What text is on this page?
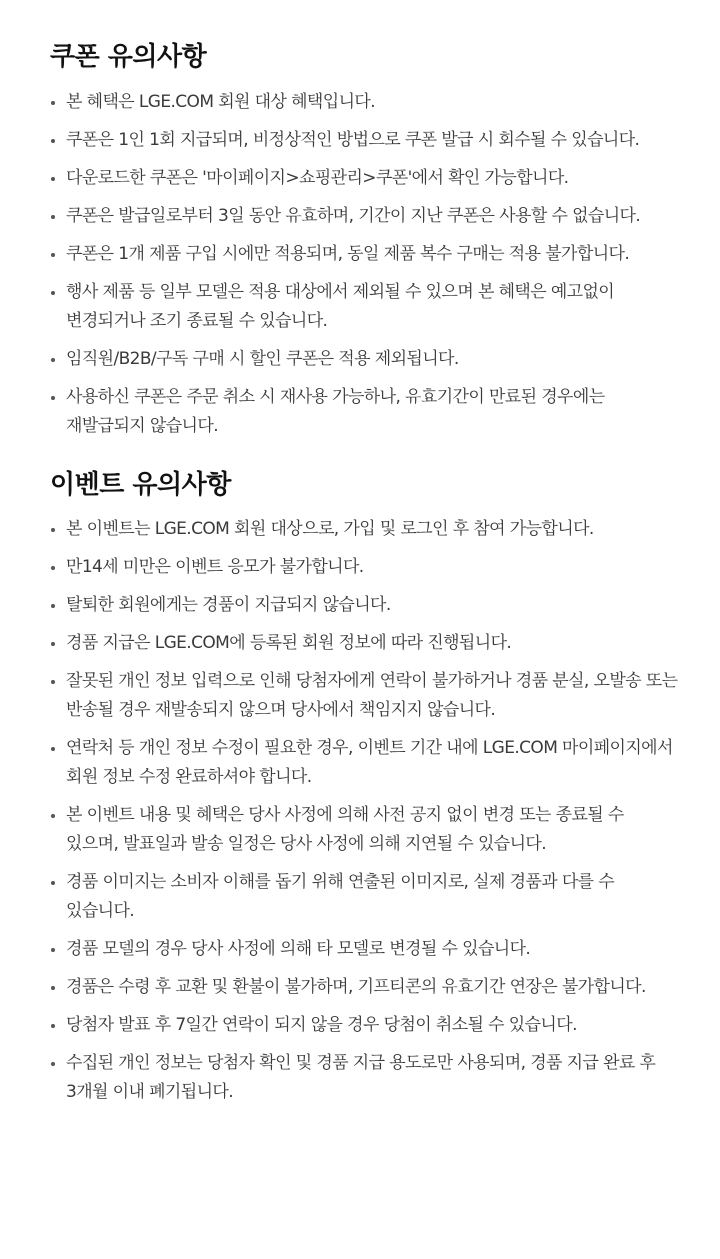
쿠폰 유의사항
본 혜택은 LGE.COM 회원 대상 혜택입니다.
쿠폰은 1인 1회 지급되며, 비정상적인 방법으로 쿠폰 발급 시 회수될 수 있습니다.
다운로드한 쿠폰은 '마이페이지>쇼핑관리>쿠폰'에서 확인 가능합니다.
쿠폰은 발급일로부터 3일 동안 유효하며, 기간이 지난 쿠폰은 사용할 수 없습니다.
쿠폰은 1개 제품 구입 시에만 적용되며, 동일 제품 복수 구매는 적용 불가합니다.
행사 제품 등 일부 모델은 적용 대상에서 제외될 수 있으며 본 혜택은 예고없이 변경되거나 조기 종료될 수 있습니다.
임직원/B2B/구독 구매 시 할인 쿠폰은 적용 제외됩니다.
사용하신 쿠폰은 주문 취소 시 재사용 가능하나, 유효기간이 만료된 경우에는 재발급되지 않습니다.
이벤트 유의사항
본 이벤트는 LGE.COM 회원 대상으로, 가입 및 로그인 후 참여 가능합니다.
만14세 미만은 이벤트 응모가 불가합니다.
탈퇴한 회원에게는 경품이 지급되지 않습니다.
경품 지급은 LGE.COM에 등록된 회원 정보에 따라 진행됩니다.
잘못된 개인 정보 입력으로 인해 당첨자에게 연락이 불가하거나 경품 분실, 오발송 또는 반송될 경우 재발송되지 않으며 당사에서 책임지지 않습니다.
연락처 등 개인 정보 수정이 필요한 경우, 이벤트 기간 내에 LGE.COM 마이페이지에서 회원 정보 수정 완료하셔야 합니다.
본 이벤트 내용 및 혜택은 당사 사정에 의해 사전 공지 없이 변경 또는 종료될 수 있으며, 발표일과 발송 일정은 당사 사정에 의해 지연될 수 있습니다.
경품 이미지는 소비자 이해를 돕기 위해 연출된 이미지로, 실제 경품과 다를 수 있습니다.
경품 모델의 경우 당사 사정에 의해 타 모델로 변경될 수 있습니다.
경품은 수령 후 교환 및 환불이 불가하며, 기프티콘의 유효기간 연장은 불가합니다.
당첨자 발표 후 7일간 연락이 되지 않을 경우 당첨이 취소될 수 있습니다.
수집된 개인 정보는 당첨자 확인 및 경품 지급 용도로만 사용되며, 경품 지급 완료 후 3개월 이내 폐기됩니다.
